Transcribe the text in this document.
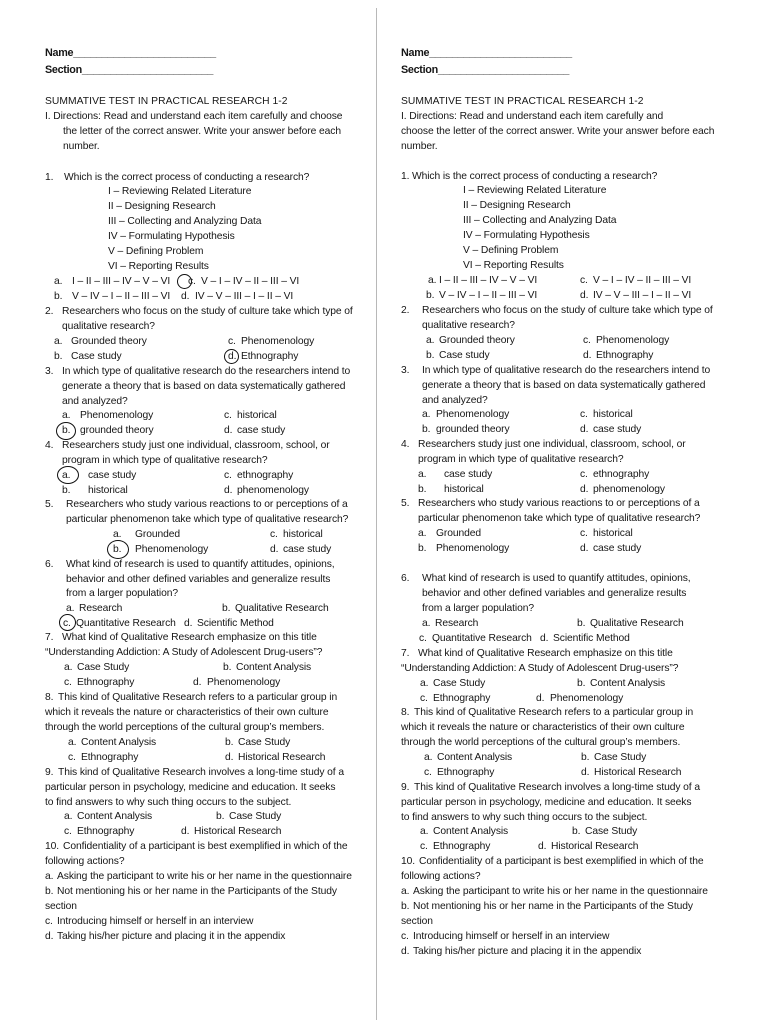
Name_________________________
Section_______________________
SUMMATIVE TEST IN PRACTICAL RESEARCH 1-2
I. Directions: Read and understand each item carefully and choose
the letter of the correct answer. Write your answer before each
number.
1. Which is the correct process of conducting a research?
I – Reviewing Related Literature
II – Designing Research
III – Collecting and Analyzing Data
IV – Formulating Hypothesis
V – Defining Problem
VI – Reporting Results
a. I – II – III – IV – V – VI c. V – I – IV – II – III – VI
b. V – IV – I – II – III – VI d. IV – V – III – I – II – VI
2. Researchers who focus on the study of culture take which type of
qualitative research?
a. Grounded theory	c. Phenomenology
b. Case study	d. Ethnography
3. In which type of qualitative research do the researchers intend to
generate a theory that is based on data systematically gathered
and analyzed?
a. Phenomenology	c. historical
b. grounded theory	d. case study
4. Researchers study just one individual, classroom, school, or
program in which type of qualitative research?
a. case study	c. ethnography
b. historical	d. phenomenology
5. Researchers who study various reactions to or perceptions of a
particular phenomenon take which type of qualitative research?
a. Grounded	c. historical
b. Phenomenology	d. case study
6. What kind of research is used to quantify attitudes, opinions,
behavior and other defined variables and generalize results
from a larger population?
a. Research	b. Qualitative Research
c. Quantitative Research d. Scientific Method
7. What kind of Qualitative Research emphasize on this title
“Understanding Addiction: A Study of Adolescent Drug-users”?
a. Case Study	b. Content Analysis
c. Ethnography	d. Phenomenology
8. This kind of Qualitative Research refers to a particular group in
which it reveals the nature or characteristics of their own culture
through the world perceptions of the cultural group’s members.
a. Content Analysis	b. Case Study
c. Ethnography	d. Historical Research
9. This kind of Qualitative Research involves a long-time study of a
particular person in psychology, medicine and education. It seeks
to find answers to why such thing occurs to the subject.
a. Content Analysis	b. Case Study
c. Ethnography	d. Historical Research
10. Confidentiality of a participant is best exemplified in which of the
following actions?
a. Asking the participant to write his or her name in the questionnaire
b. Not mentioning his or her name in the Participants of the Study
section
c. Introducing himself or herself in an interview
d. Taking his/her picture and placing it in the appendix
Name_________________________
Section_______________________
SUMMATIVE TEST IN PRACTICAL RESEARCH 1-2
I. Directions: Read and understand each item carefully and
choose the letter of the correct answer. Write your answer before each
number.
1. Which is the correct process of conducting a research?
I – Reviewing Related Literature
II – Designing Research
III – Collecting and Analyzing Data
IV – Formulating Hypothesis
V – Defining Problem
VI – Reporting Results
a. I – II – III – IV – V – VI	c. V – I – IV – II – III – VI
b. V – IV – I – II – III – VI	d. IV – V – III – I – II – VI
2. Researchers who focus on the study of culture take which type of
qualitative research?
a. Grounded theory	c. Phenomenology
b. Case study	d. Ethnography
3. In which type of qualitative research do the researchers intend to
generate a theory that is based on data systematically gathered
and analyzed?
a. Phenomenology	c. historical
b. grounded theory	d. case study
4. Researchers study just one individual, classroom, school, or
program in which type of qualitative research?
a. case study	c. ethnography
b. historical	d. phenomenology
5. Researchers who study various reactions to or perceptions of a
particular phenomenon take which type of qualitative research?
a. Grounded	c. historical
b. Phenomenology	d. case study
6. What kind of research is used to quantify attitudes, opinions,
behavior and other defined variables and generalize results
from a larger population?
a. Research	b. Qualitative Research
c. Quantitative Research d. Scientific Method
7. What kind of Qualitative Research emphasize on this title
“Understanding Addiction: A Study of Adolescent Drug-users”?
a. Case Study	b. Content Analysis
c. Ethnography	d. Phenomenology
8. This kind of Qualitative Research refers to a particular group in
which it reveals the nature or characteristics of their own culture
through the world perceptions of the cultural group’s members.
a. Content Analysis	b. Case Study
c. Ethnography	d. Historical Research
9. This kind of Qualitative Research involves a long-time study of a
particular person in psychology, medicine and education. It seeks
to find answers to why such thing occurs to the subject.
a. Content Analysis	b. Case Study
c. Ethnography	d. Historical Research
10. Confidentiality of a participant is best exemplified in which of the
following actions?
a. Asking the participant to write his or her name in the questionnaire
b. Not mentioning his or her name in the Participants of the Study
section
c. Introducing himself or herself in an interview
d. Taking his/her picture and placing it in the appendix
